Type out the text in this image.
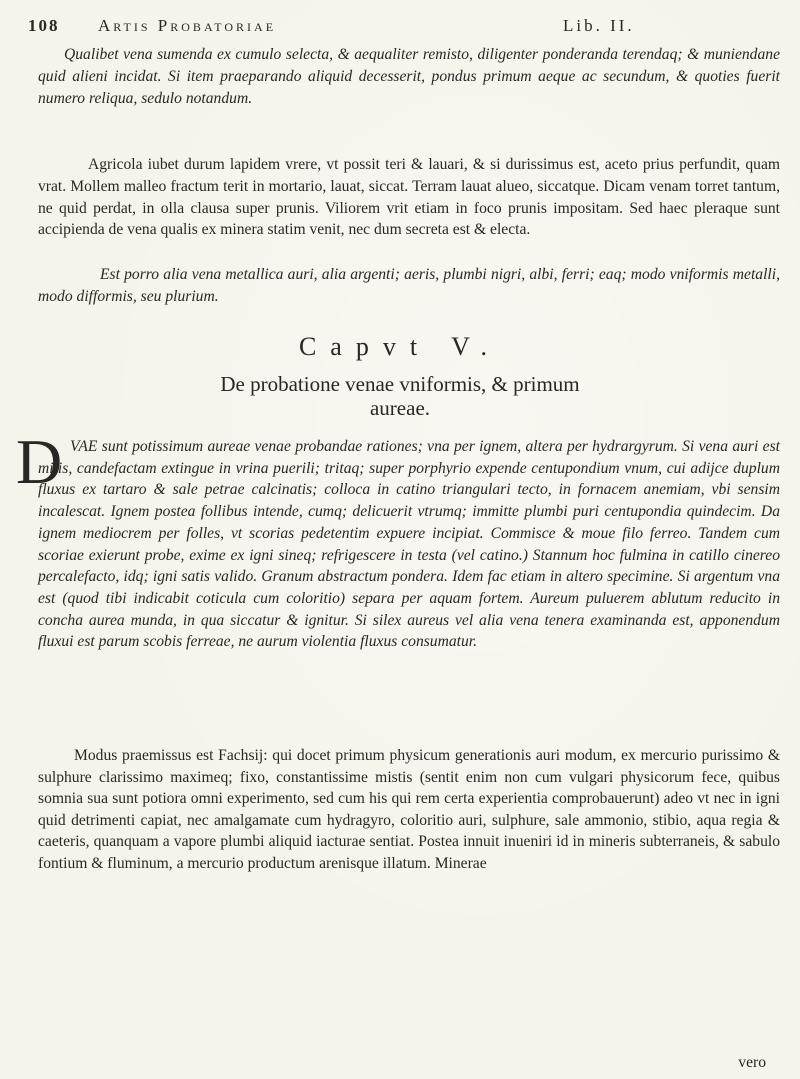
108 Artis Probatoriae	Lib. II.
Qualibet vena sumenda ex cumulo selecta, & aequaliter remisto, diligenter ponderanda terendaq; & muniendane quid alieni incidat. Si item praeparando aliquid decesserit, pondus primum aeque ac secundum, & quoties fuerit numero reliqua, sedulo notandum.
Agricola iubet durum lapidem vrere, vt possit teri & lauari, & si durissimus est, aceto prius perfundit, quam vrat. Mollem malleo fractum terit in mortario, lauat, siccat. Terram lauat alueo, siccatque. Dicam venam torret tantum, ne quid perdat, in olla clausa super prunis. Viliorem vrit etiam in foco prunis impositam. Sed haec pleraque sunt accipienda de vena qualis ex minera statim venit, nec dum secreta est & electa.
Est porro alia vena metallica auri, alia argenti; aeris, plumbi nigri, albi, ferri; eaq; modo vniformis metalli, modo difformis, seu plurium.
Capvt V.
De probatione venae vniformis, & primum
aureae.
D VAE sunt potissimum aureae venae probandae rationes; vna per ignem, altera per hydrargyrum. Si vena auri est mitis, candefactam extingue in vrina puerili; tritaq; super porphyrio expende centupondium vnum, cui adijce duplum fluxus ex tartaro & sale petrae calcinatis; colloca in catino triangulari tecto, in fornacem anemiam, vbi sensim incalescat. Ignem postea follibus intende, cumq; delicuerit vtrumq; immitte plumbi puri centupondia quindecim. Da ignem mediocrem per folles, vt scorias pedetentim expuere incipiat. Commisce & moue filo ferreo. Tandem cum scoriae exierunt probe, exime ex igni sineq; refrigescere in testa (vel catino.) Stannum hoc fulmina in catillo cinereo percalefacto, idq; igni satis valido. Granum abstractum pondera. Idem fac etiam in altero specimine. Si argentum vna est (quod tibi indicabit coticula cum coloritio) separa per aquam fortem. Aureum puluerem ablutum reducito in concha aurea mundа, in qua siccatur & ignitur. Si silex aureus vel alia vena tenera examinanda est, apponendum fluxui est parum scobis ferreae, ne aurum violentia fluxus consumatur.
Modus praemissus est Fachsij: qui docet primum physicum generationis auri modum, ex mercurio purissimo & sulphure clarissimo maximeq; fixo, constantissime mistis (sentit enim non cum vulgari physicorum fece, quibus somnia sua sunt potiora omni experimento, sed cum his qui rem certa experientia comprobauerunt) adeo vt nec in igni quid detrimenti capiat, nec amalgamate cum hydragyro, coloritio auri, sulphure, sale ammonio, stibio, aqua regia & caeteris, quanquam a vapore plumbi aliquid iacturae sentiat. Postea innuit inueniri id in mineris subterraneis, & sabulo fontium & fluminum, a mercurio productum arenisque illatum. Minerae
vero
